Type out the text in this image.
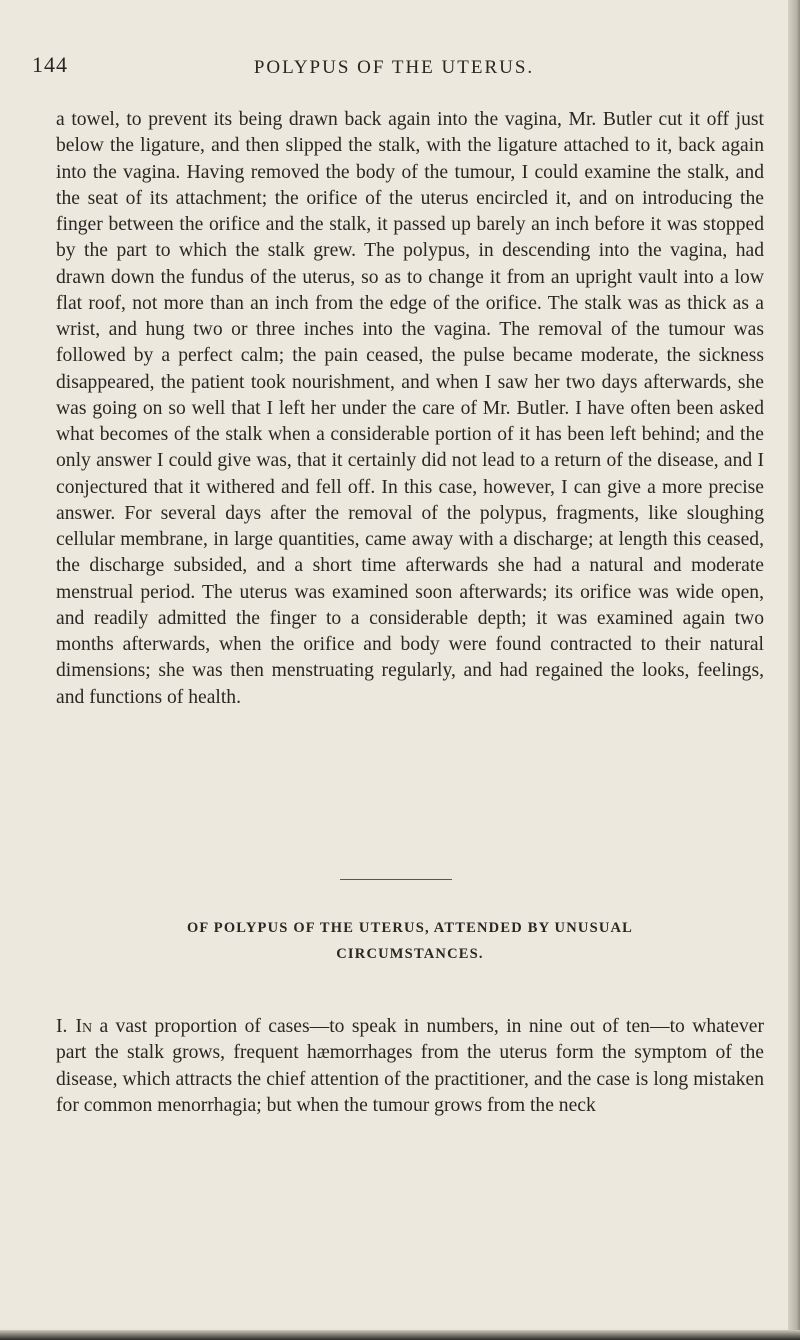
144	POLYPUS OF THE UTERUS.

a towel, to prevent its being drawn back again into the vagina, Mr. Butler cut it off just below the ligature, and then slipped the stalk, with the ligature attached to it, back again into the vagina. Having removed the body of the tumour, I could examine the stalk, and the seat of its attachment; the orifice of the uterus encircled it, and on introducing the finger between the orifice and the stalk, it passed up barely an inch before it was stopped by the part to which the stalk grew. The polypus, in descending into the vagina, had drawn down the fundus of the uterus, so as to change it from an upright vault into a low flat roof, not more than an inch from the edge of the orifice. The stalk was as thick as a wrist, and hung two or three inches into the vagina. The removal of the tumour was followed by a perfect calm; the pain ceased, the pulse became moderate, the sickness disappeared, the patient took nourishment, and when I saw her two days afterwards, she was going on so well that I left her under the care of Mr. Butler. I have often been asked what becomes of the stalk when a considerable portion of it has been left behind; and the only answer I could give was, that it certainly did not lead to a return of the disease, and I conjectured that it withered and fell off. In this case, however, I can give a more precise answer. For several days after the removal of the polypus, fragments, like sloughing cellular membrane, in large quantities, came away with a discharge; at length this ceased, the discharge subsided, and a short time afterwards she had a natural and moderate menstrual period. The uterus was examined soon afterwards; its orifice was wide open, and readily admitted the finger to a considerable depth; it was examined again two months afterwards, when the orifice and body were found contracted to their natural dimensions; she was then menstruating regularly, and had regained the looks, feelings, and functions of health.

OF POLYPUS OF THE UTERUS, ATTENDED BY UNUSUAL
CIRCUMSTANCES.

I. In a vast proportion of cases—to speak in numbers, in nine out of ten—to whatever part the stalk grows, frequent hæmorrhages from the uterus form the symptom of the disease, which attracts the chief attention of the practitioner, and the case is long mistaken for common menorrhagia; but when the tumour grows from the neck
